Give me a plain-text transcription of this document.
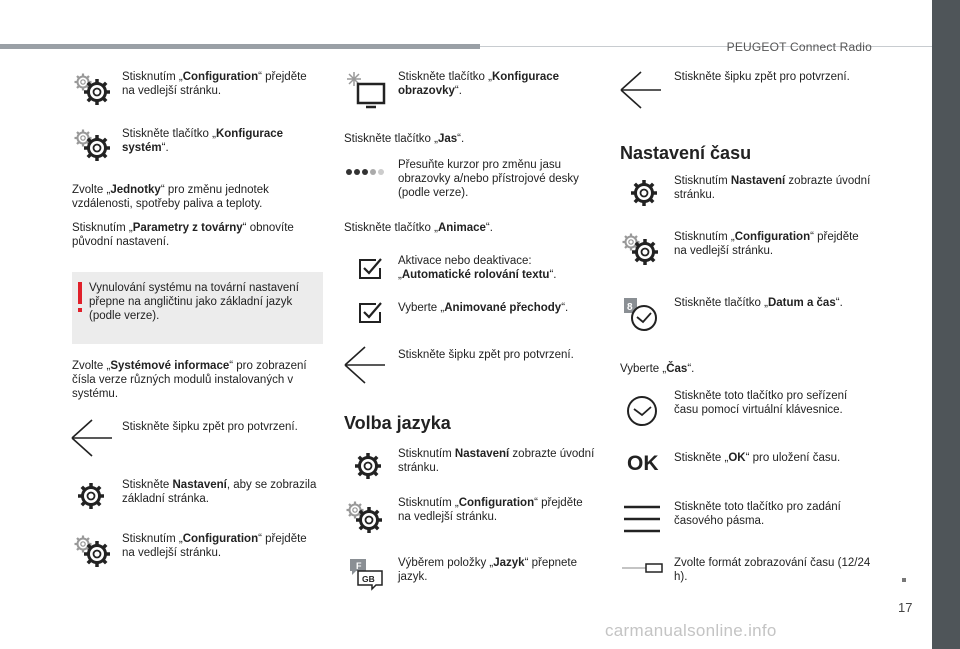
PEUGEOT Connect Radio
Stisknutím „Configuration“ přejděte na vedlejší stránku.
Stiskněte tlačítko „Konfigurace systém“.
Zvolte „Jednotky“ pro změnu jednotek vzdálenosti, spotřeby paliva a teploty.
Stisknutím „Parametry z továrny“ obnovíte původní nastavení.
Vynulování systému na tovární nastavení přepne na angličtinu jako základní jazyk (podle verze).
Zvolte „Systémové informace“ pro zobrazení čísla verze různých modulů instalovaných v systému.
Stiskněte šipku zpět pro potvrzení.
Stiskněte Nastavení, aby se zobrazila základní stránka.
Stisknutím „Configuration“ přejděte na vedlejší stránku.
Stiskněte tlačítko „Konfigurace obrazovky“.
Stiskněte tlačítko „Jas“.
Přesuňte kurzor pro změnu jasu obrazovky a/nebo přístrojové desky (podle verze).
Stiskněte tlačítko „Animace“.
Aktivace nebo deaktivace: „Automatické rolování textu“.
Vyberte „Animované přechody“.
Stiskněte šipku zpět pro potvrzení.
Volba jazyka
Stisknutím Nastavení zobrazte úvodní stránku.
Stisknutím „Configuration“ přejděte na vedlejší stránku.
F
GB
Výběrem položky „Jazyk“ přepnete jazyk.
Stiskněte šipku zpět pro potvrzení.
Nastavení času
Stisknutím Nastavení zobrazte úvodní stránku.
Stisknutím „Configuration“ přejděte na vedlejší stránku.
8	Stiskněte tlačítko „Datum a čas“.
Vyberte „Čas“.
Stiskněte toto tlačítko pro seřízení času pomocí virtuální klávesnice.
OK Stiskněte „OK“ pro uložení času.
Stiskněte toto tlačítko pro zadání časového pásma.
Zvolte formát zobrazování času (12/24 h).
17
carmanualsonline.info
